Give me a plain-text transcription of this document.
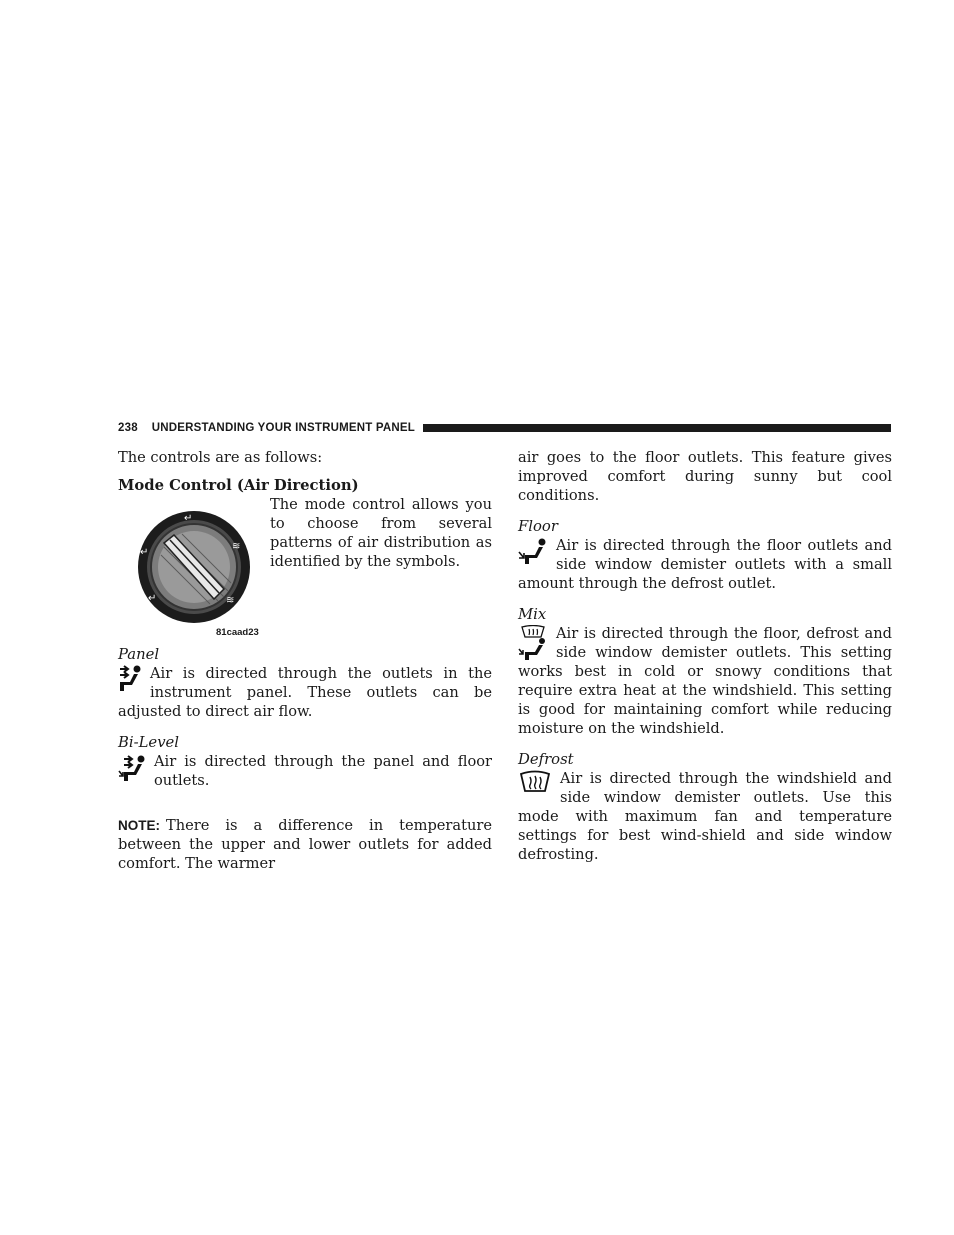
238 UNDERSTANDING YOUR INSTRUMENT PANEL

The controls are as follows:

Mode Control (Air Direction)
↵
↵
≋
↵	≋
81caad23

The mode control allows you to choose from several patterns of air distribution as identified by the symbols.

Panel

Air is directed through the outlets in the instrument panel. These outlets can be adjusted to direct air flow.

Bi-Level

Air is directed through the panel and floor outlets.

NOTE: There is a difference in temperature between the upper and lower outlets for added comfort. The warmer

air goes to the floor outlets. This feature gives improved comfort during sunny but cool conditions.

Floor

Air is directed through the floor outlets and side window demister outlets with a small amount through the defrost outlet.

Mix

Air is directed through the floor, defrost and side window demister outlets. This setting works best in cold or snowy conditions that require extra heat at the windshield. This setting is good for maintaining comfort while reducing moisture on the windshield.

Defrost

Air is directed through the windshield and side window demister outlets. Use this mode with maximum fan and temperature settings for best wind-shield and side window defrosting.
